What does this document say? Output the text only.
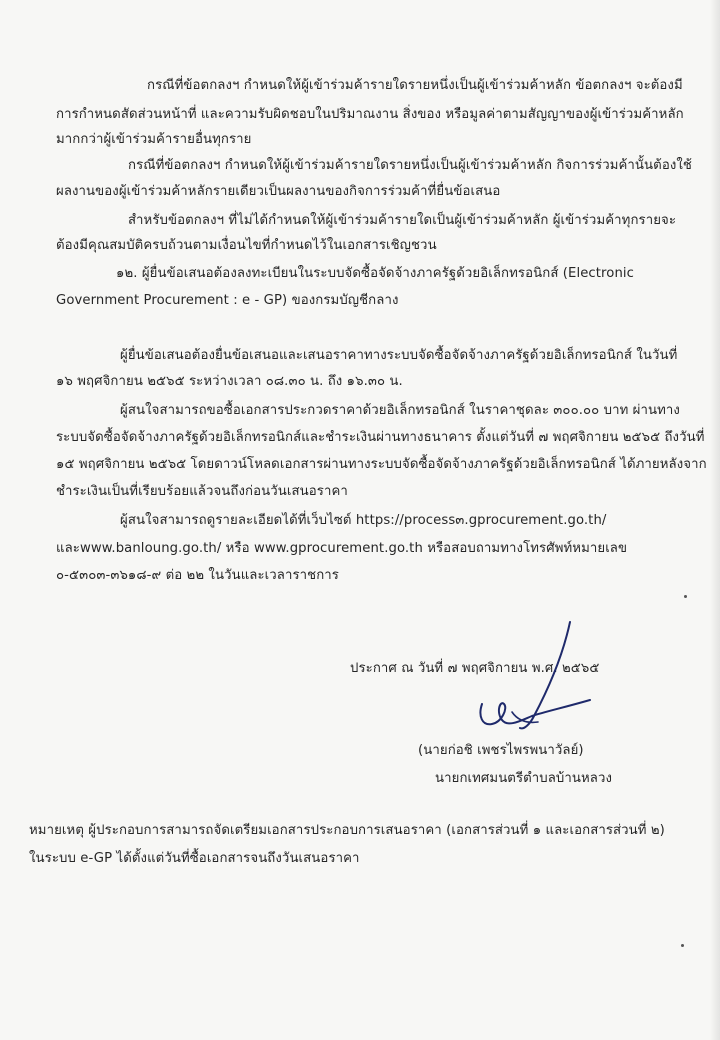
กรณีที่ข้อตกลงฯ กำหนดให้ผู้เข้าร่วมค้ารายใดรายหนึ่งเป็นผู้เข้าร่วมค้าหลัก ข้อตกลงฯ จะต้องมี
การกำหนดสัดส่วนหน้าที่ และความรับผิดชอบในปริมาณงาน สิ่งของ หรือมูลค่าตามสัญญาของผู้เข้าร่วมค้าหลัก
มากกว่าผู้เข้าร่วมค้ารายอื่นทุกราย
กรณีที่ข้อตกลงฯ กำหนดให้ผู้เข้าร่วมค้ารายใดรายหนึ่งเป็นผู้เข้าร่วมค้าหลัก กิจการร่วมค้านั้นต้องใช้
ผลงานของผู้เข้าร่วมค้าหลักรายเดียวเป็นผลงานของกิจการร่วมค้าที่ยื่นข้อเสนอ
สำหรับข้อตกลงฯ ที่ไม่ได้กำหนดให้ผู้เข้าร่วมค้ารายใดเป็นผู้เข้าร่วมค้าหลัก ผู้เข้าร่วมค้าทุกรายจะ
ต้องมีคุณสมบัติครบถ้วนตามเงื่อนไขที่กำหนดไว้ในเอกสารเชิญชวน
๑๒. ผู้ยื่นข้อเสนอต้องลงทะเบียนในระบบจัดซื้อจัดจ้างภาครัฐด้วยอิเล็กทรอนิกส์ (Electronic
Government Procurement : e - GP) ของกรมบัญชีกลาง
ผู้ยื่นข้อเสนอต้องยื่นข้อเสนอและเสนอราคาทางระบบจัดซื้อจัดจ้างภาครัฐด้วยอิเล็กทรอนิกส์ ในวันที่
๑๖ พฤศจิกายน ๒๕๖๕ ระหว่างเวลา ๐๘.๓๐ น. ถึง ๑๖.๓๐ น.
ผู้สนใจสามารถขอซื้อเอกสารประกวดราคาด้วยอิเล็กทรอนิกส์ ในราคาชุดละ ๓๐๐.๐๐ บาท ผ่านทาง
ระบบจัดซื้อจัดจ้างภาครัฐด้วยอิเล็กทรอนิกส์และชำระเงินผ่านทางธนาคาร ตั้งแต่วันที่ ๗ พฤศจิกายน ๒๕๖๕ ถึงวันที่
๑๕ พฤศจิกายน ๒๕๖๕ โดยดาวน์โหลดเอกสารผ่านทางระบบจัดซื้อจัดจ้างภาครัฐด้วยอิเล็กทรอนิกส์ ได้ภายหลังจาก
ชำระเงินเป็นที่เรียบร้อยแล้วจนถึงก่อนวันเสนอราคา
ผู้สนใจสามารถดูรายละเอียดได้ที่เว็บไซต์ https://process๓.gprocurement.go.th/
และwww.banloung.go.th/ หรือ www.gprocurement.go.th หรือสอบถามทางโทรศัพท์หมายเลข
๐-๕๓๐๓-๓๖๑๘-๙ ต่อ ๒๒ ในวันและเวลาราชการ
ประกาศ ณ วันที่ ๗ พฤศจิกายน พ.ศ. ๒๕๖๕
(นายก่อชิ เพชรไพรพนาวัลย์)
นายกเทศมนตรีตำบลบ้านหลวง
หมายเหตุ ผู้ประกอบการสามารถจัดเตรียมเอกสารประกอบการเสนอราคา (เอกสารส่วนที่ ๑ และเอกสารส่วนที่ ๒)
ในระบบ e-GP ได้ตั้งแต่วันที่ซื้อเอกสารจนถึงวันเสนอราคา
